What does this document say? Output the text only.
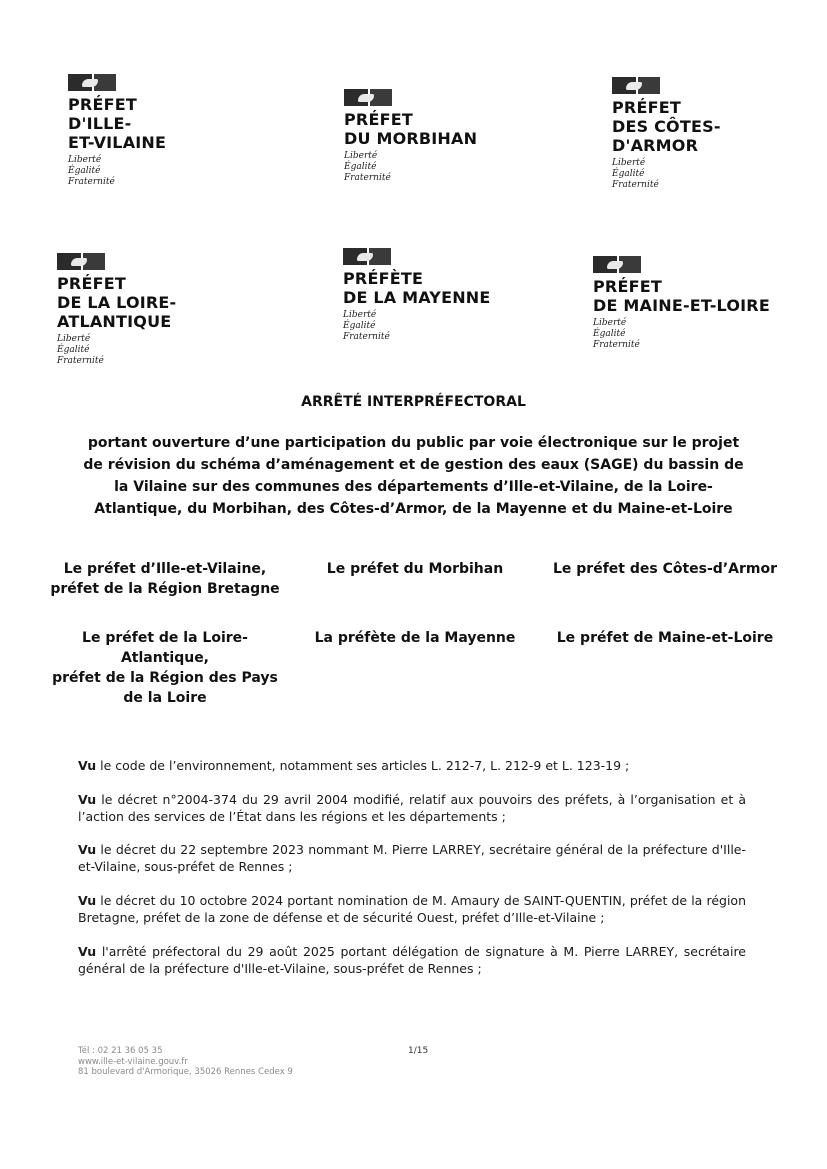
PRÉFET
D'ILLE-
ET-VILAINE
Liberté
Égalité
Fraternité
PRÉFET
DU MORBIHAN
Liberté
Égalité
Fraternité
PRÉFET
DES CÔTES-
D'ARMOR
Liberté
Égalité
Fraternité
PRÉFET
DE LA LOIRE-
ATLANTIQUE
Liberté
Égalité
Fraternité
PRÉFÈTE
DE LA MAYENNE
Liberté
Égalité
Fraternité
PRÉFET
DE MAINE-ET-LOIRE
Liberté
Égalité
Fraternité
ARRÊTÉ INTERPRÉFECTORAL
portant ouverture d’une participation du public par voie électronique sur le projet
de révision du schéma d’aménagement et de gestion des eaux (SAGE) du bassin de
la Vilaine sur des communes des départements d’Ille-et-Vilaine, de la Loire-
Atlantique, du Morbihan, des Côtes-d’Armor, de la Mayenne et du Maine-et-Loire
Le préfet d’Ille-et-Vilaine,
préfet de la Région Bretagne
Le préfet du Morbihan	Le préfet des Côtes-d’Armor
Le préfet de la Loire-
Atlantique,
préfet de la Région des Pays
de la Loire
La préfète de la Mayenne	Le préfet de Maine-et-Loire
Vu le code de l’environnement, notamment ses articles L. 212-7, L. 212-9 et L. 123-19 ;
Vu le décret n°2004-374 du 29 avril 2004 modifié, relatif aux pouvoirs des préfets, à l’organisation et à l’action des services de l’État dans les régions et les départements ;
Vu le décret du 22 septembre 2023 nommant M. Pierre LARREY, secrétaire général de la préfecture d'Ille-et-Vilaine, sous-préfet de Rennes ;
Vu le décret du 10 octobre 2024 portant nomination de M. Amaury de SAINT-QUENTIN, préfet de la région Bretagne, préfet de la zone de défense et de sécurité Ouest, préfet d’Ille-et-Vilaine ;
Vu l'arrêté préfectoral du 29 août 2025 portant délégation de signature à M. Pierre LARREY, secrétaire général de la préfecture d'Ille-et-Vilaine, sous-préfet de Rennes ;
Tél : 02 21 36 05 35
www.ille-et-vilaine.gouv.fr
81 boulevard d'Armorique, 35026 Rennes Cedex 9
1/15
